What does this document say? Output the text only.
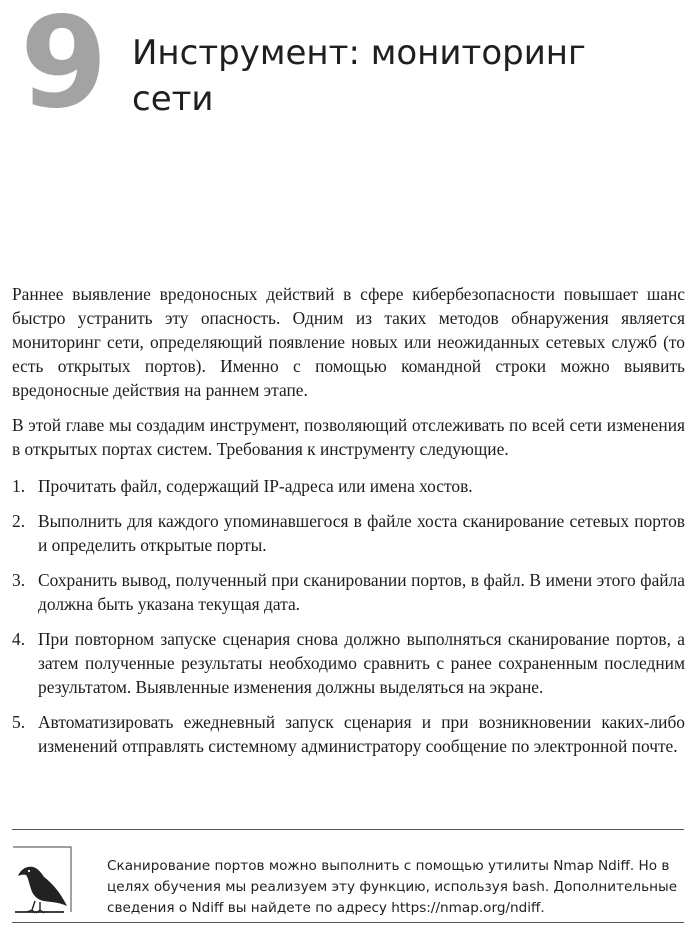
9 Инструмент: мониторинг сети

Раннее выявление вредоносных действий в сфере кибербезопасности повышает шанс быстро устранить эту опасность. Одним из таких методов обнаружения является мониторинг сети, определяющий появление новых или неожиданных сетевых служб (то есть открытых портов). Именно с помощью командной строки можно выявить вредоносные действия на раннем этапе.

В этой главе мы создадим инструмент, позволяющий отслеживать по всей сети изменения в открытых портах систем. Требования к инструменту следующие.

1. Прочитать файл, содержащий IP-адреса или имена хостов.
2. Выполнить для каждого упоминавшегося в файле хоста сканирование сетевых портов и определить открытые порты.
3. Сохранить вывод, полученный при сканировании портов, в файл. В имени этого файла должна быть указана текущая дата.
4. При повторном запуске сценария снова должно выполняться сканирование портов, а затем полученные результаты необходимо сравнить с ранее сохраненным последним результатом. Выявленные изменения должны выделяться на экране.
5. Автоматизировать ежедневный запуск сценария и при возникновении каких-либо изменений отправлять системному администратору сообщение по электронной почте.
Сканирование портов можно выполнить с помощью утилиты Nmap Ndiff. Но в целях обучения мы реализуем эту функцию, используя bash. Дополнительные сведения о Ndiff вы найдете по адресу https://nmap.org/ndiff.
